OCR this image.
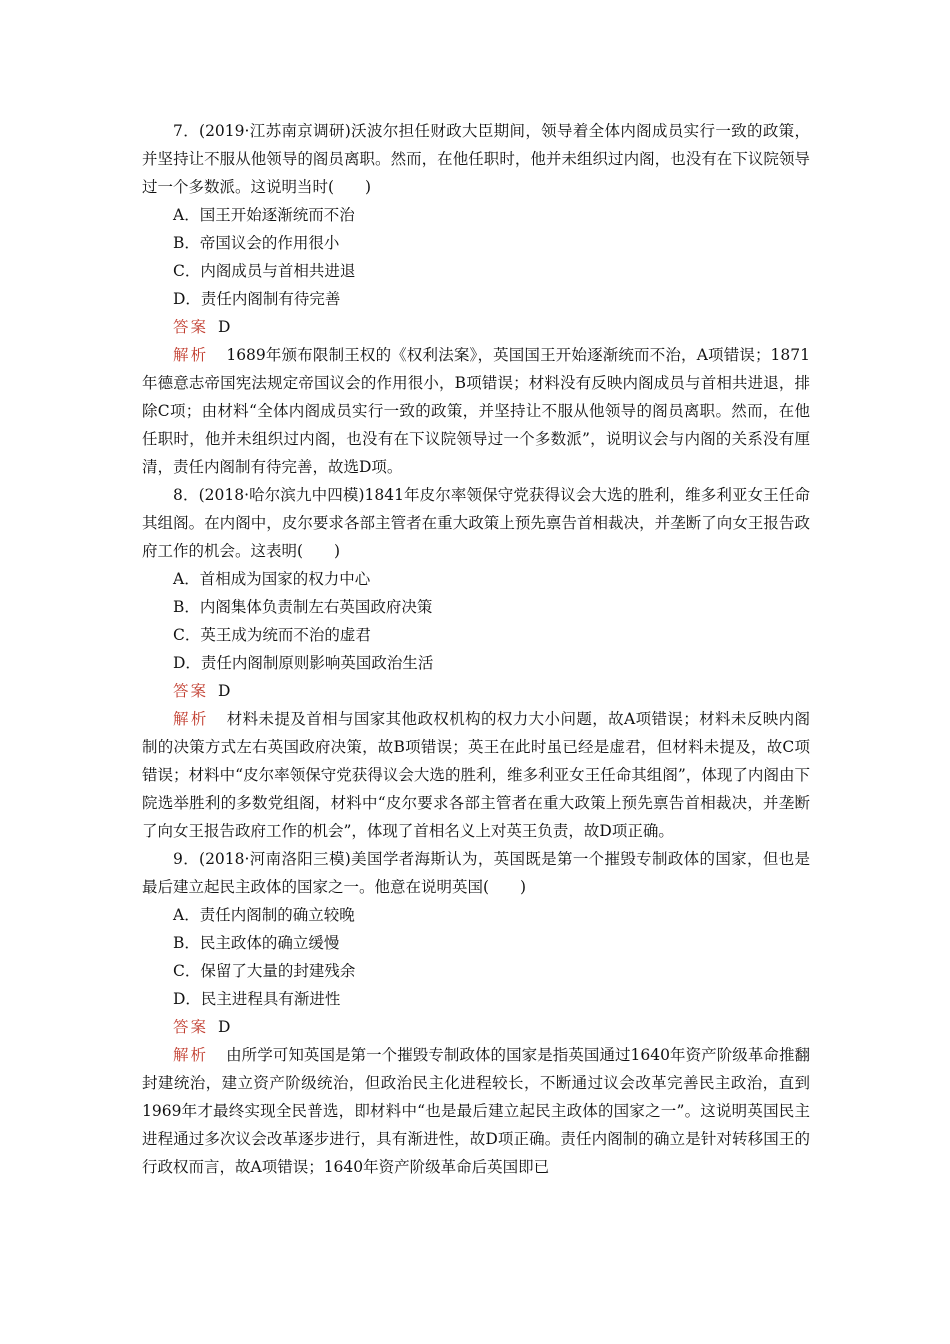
7．(2019·江苏南京调研)沃波尔担任财政大臣期间，领导着全体内阁成员实行一致的政策，并坚持让不服从他领导的阁员离职。然而，在他任职时，他并未组织过内阁，也没有在下议院领导过一个多数派。这说明当时(　　)

A．国王开始逐渐统而不治

B．帝国议会的作用很小

C．内阁成员与首相共进退

D．责任内阁制有待完善

答案 D

解析 1689年颁布限制王权的《权利法案》，英国国王开始逐渐统而不治，A项错误；1871年德意志帝国宪法规定帝国议会的作用很小，B项错误；材料没有反映内阁成员与首相共进退，排除C项；由材料“全体内阁成员实行一致的政策，并坚持让不服从他领导的阁员离职。然而，在他任职时，他并未组织过内阁，也没有在下议院领导过一个多数派”，说明议会与内阁的关系没有厘清，责任内阁制有待完善，故选D项。

8．(2018·哈尔滨九中四模)1841年皮尔率领保守党获得议会大选的胜利，维多利亚女王任命其组阁。在内阁中，皮尔要求各部主管者在重大政策上预先禀告首相裁决，并垄断了向女王报告政府工作的机会。这表明(　　)

A．首相成为国家的权力中心

B．内阁集体负责制左右英国政府决策

C．英王成为统而不治的虚君

D．责任内阁制原则影响英国政治生活

答案 D

解析 材料未提及首相与国家其他政权机构的权力大小问题，故A项错误；材料未反映内阁制的决策方式左右英国政府决策，故B项错误；英王在此时虽已经是虚君，但材料未提及，故C项错误；材料中“皮尔率领保守党获得议会大选的胜利，维多利亚女王任命其组阁”，体现了内阁由下院选举胜利的多数党组阁，材料中“皮尔要求各部主管者在重大政策上预先禀告首相裁决，并垄断了向女王报告政府工作的机会”，体现了首相名义上对英王负责，故D项正确。

9．(2018·河南洛阳三模)美国学者海斯认为，英国既是第一个摧毁专制政体的国家，但也是最后建立起民主政体的国家之一。他意在说明英国(　　)

A．责任内阁制的确立较晚

B．民主政体的确立缓慢

C．保留了大量的封建残余

D．民主进程具有渐进性

答案 D

解析 由所学可知英国是第一个摧毁专制政体的国家是指英国通过1640年资产阶级革命推翻封建统治，建立资产阶级统治，但政治民主化进程较长，不断通过议会改革完善民主政治，直到1969年才最终实现全民普选，即材料中“也是最后建立起民主政体的国家之一”。这说明英国民主进程通过多次议会改革逐步进行，具有渐进性，故D项正确。责任内阁制的确立是针对转移国王的行政权而言，故A项错误；1640年资产阶级革命后英国即已
